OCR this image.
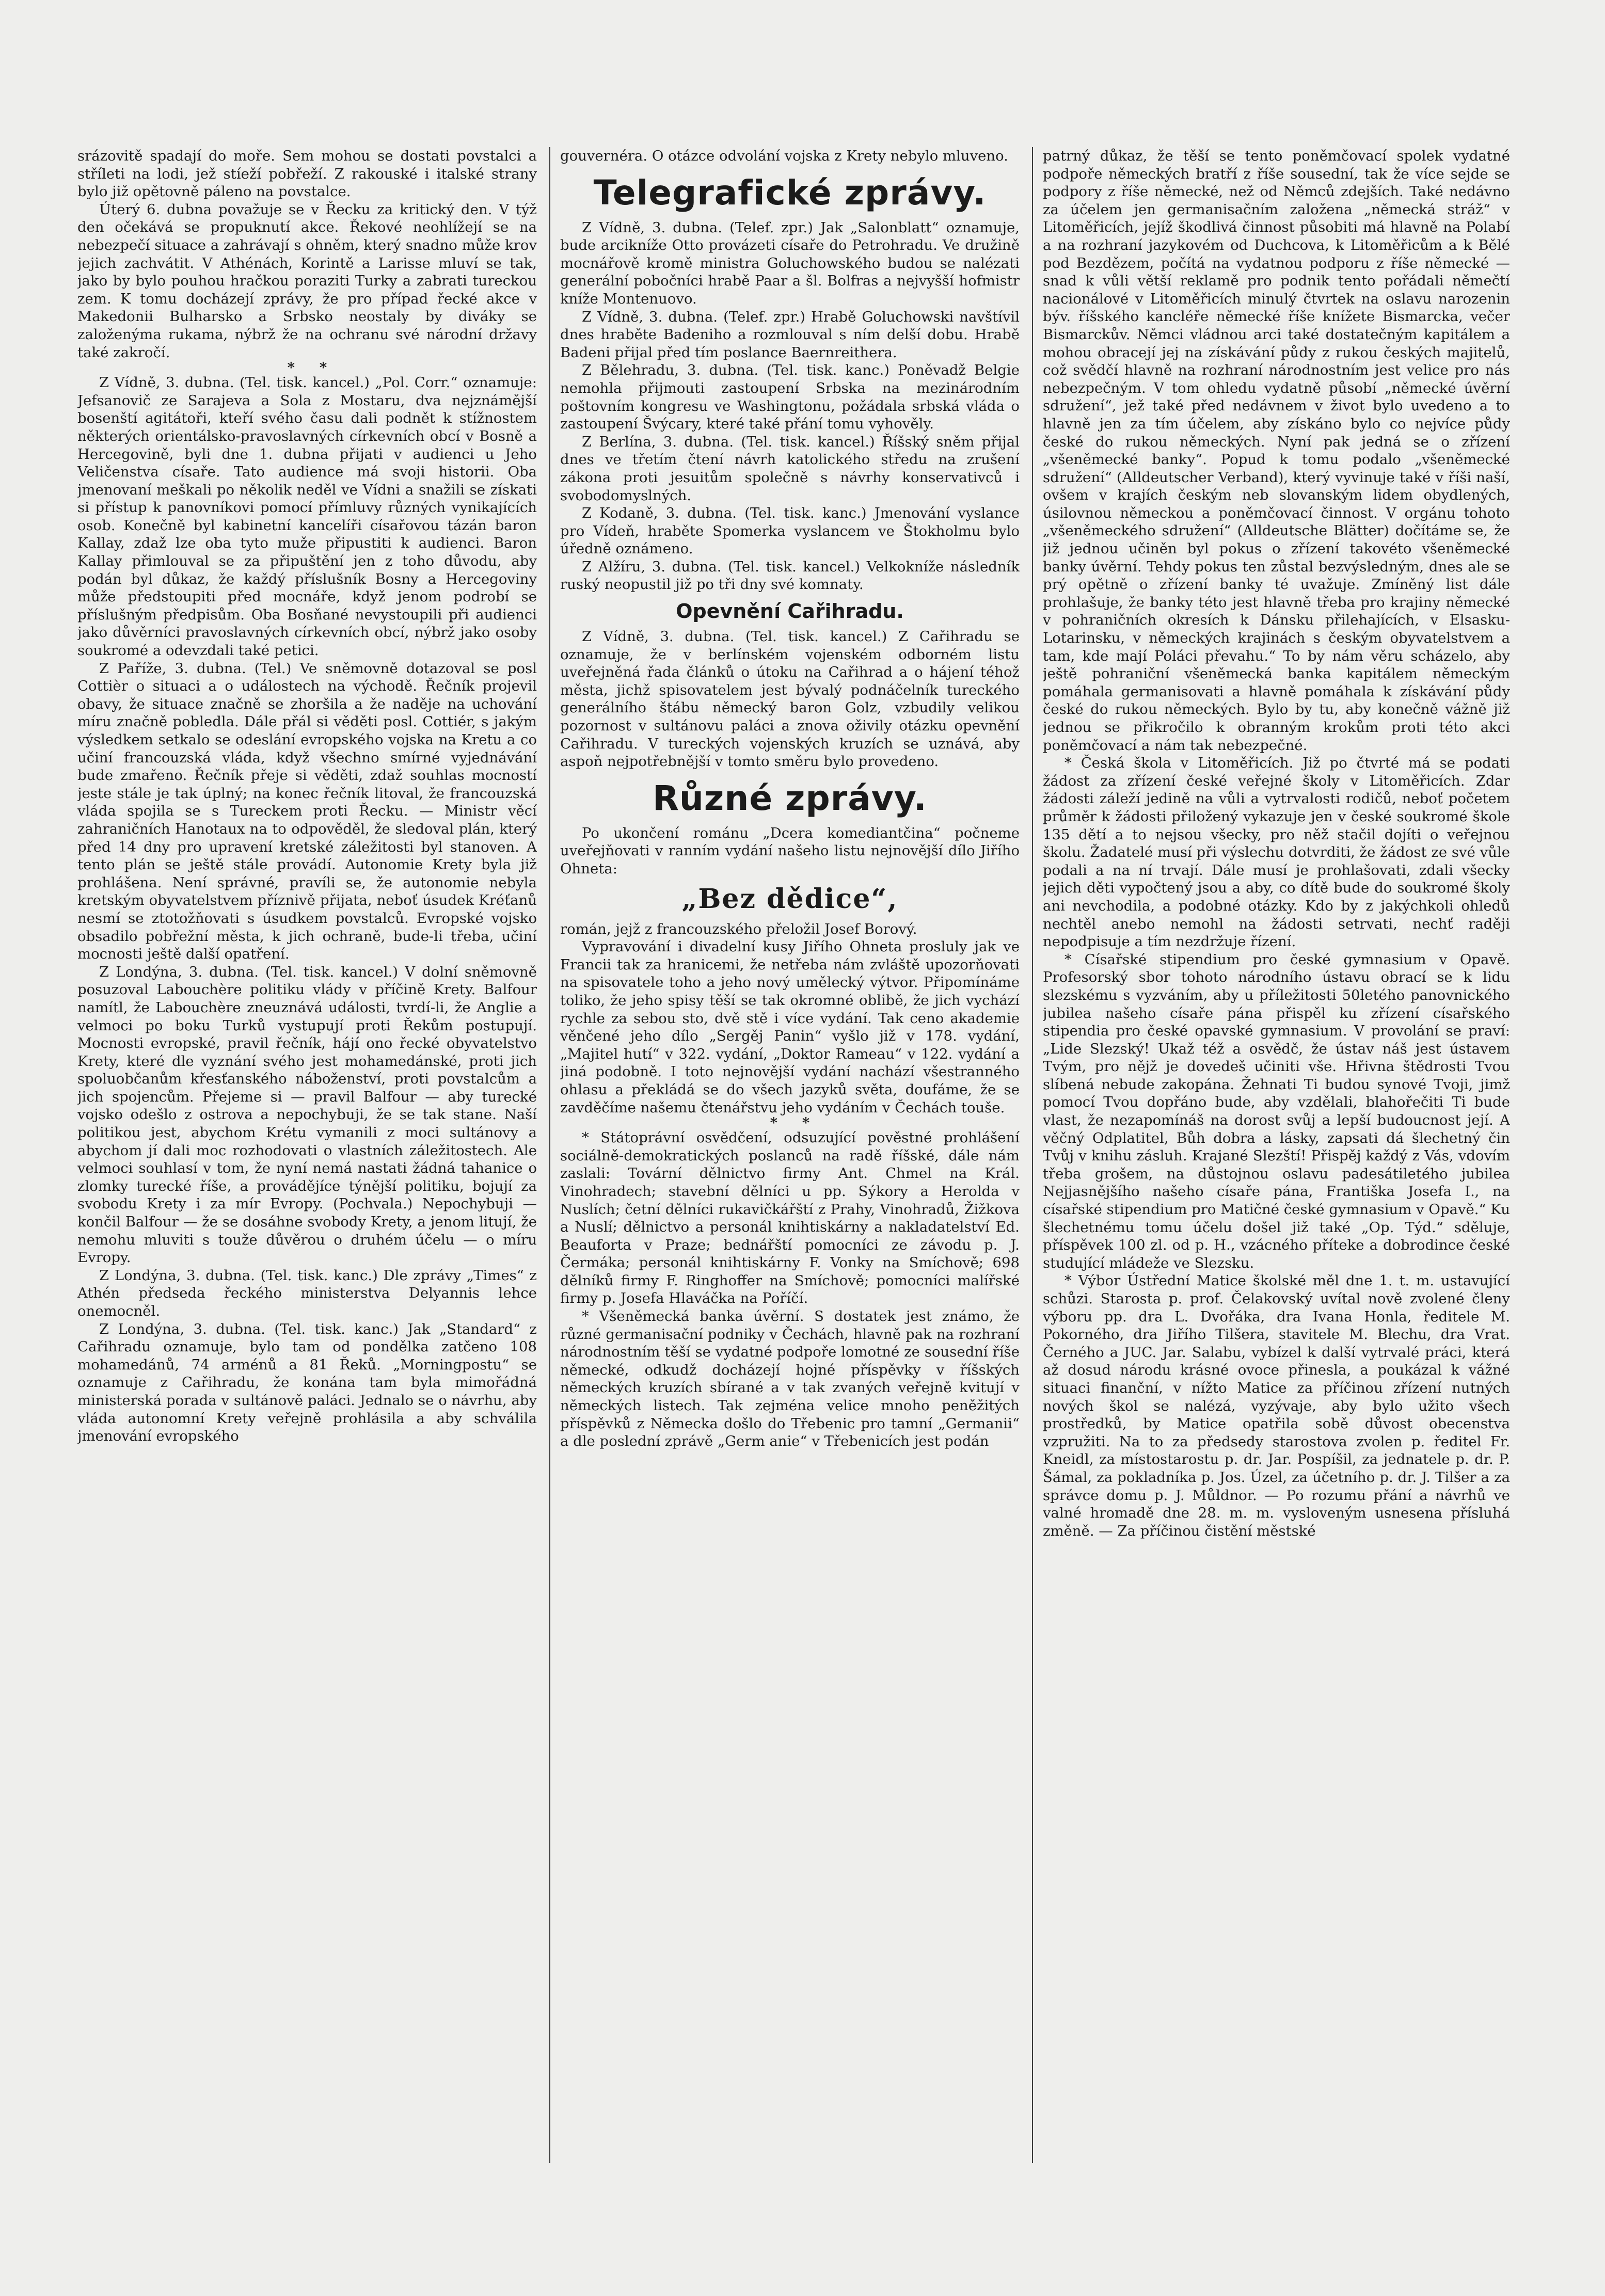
srázovitě spadají do moře. Sem mohou se dostati povstalci a stříleti na lodi, jež stíeží pobřeží. Z rakouské i italské strany bylo již opětovně páleno na povstalce.

Úterý 6. dubna považuje se v Řecku za kritický den. V týž den očekává se propuknutí akce. Řekové neohlížejí se na nebezpečí situace a zahrávají s ohněm, který snadno může krov jejich zachvátit. V Athénách, Korintě a Larisse mluví se tak, jako by bylo pouhou hračkou poraziti Turky a zabrati tureckou zem. K tomu docházejí zprávy, že pro případ řecké akce v Makedonii Bulharsko a Srbsko neostaly by diváky se založenýma rukama, nýbrž že na ochranu své národní državy také zakročí.

*     *

Z Vídně, 3. dubna. (Tel. tisk. kancel.) „Pol. Corr.“ oznamuje: Jefsanovič ze Sarajeva a Sola z Mostaru, dva nejznámější bosenští agitátoři, kteří svého času dali podnět k stížnostem některých orientálsko-pravoslavných církevních obcí v Bosně a Hercegovině, byli dne 1. dubna přijati v audienci u Jeho Veličenstva císaře. Tato audience má svoji historii. Oba jmenovaní meškali po několik neděl ve Vídni a snažili se získati si přístup k panovníkovi pomocí přímluvy různých vynikajících osob. Konečně byl kabinetní kancelíři císařovou tázán baron Kallay, zdaž lze oba tyto muže připustiti k audienci. Baron Kallay přimlouval se za připuštění jen z toho důvodu, aby podán byl důkaz, že každý příslušník Bosny a Hercegoviny může předstoupiti před mocnáře, když jenom podrobí se příslušným předpisům. Oba Bosňané nevystoupili při audienci jako důvěrníci pravoslavných církevních obcí, nýbrž jako osoby soukromé a odevzdali také petici.

Z Paříže, 3. dubna. (Tel.) Ve sněmovně dotazoval se posl Cottièr o situaci a o událostech na východě. Řečník projevil obavy, že situace značně se zhoršila a že naděje na uchování míru značně pobledla. Dále přál si věděti posl. Cottiér, s jakým výsledkem setkalo se odeslání evropského vojska na Kretu a co učiní francouzská vláda, když všechno smírné vyjednávání bude zmařeno. Řečník přeje si věděti, zdaž souhlas mocností jeste stále je tak úplný; na konec řečník litoval, že francouzská vláda spojila se s Tureckem proti Řecku. — Ministr věcí zahraničních Hanotaux na to odpověděl, že sledoval plán, který před 14 dny pro upravení kretské záležitosti byl stanoven. A tento plán se ještě stále provádí. Autonomie Krety byla již prohlášena. Není správné, pravíli se, že autonomie nebyla kretským obyvatelstvem příznivě přijata, neboť úsudek Kréťanů nesmí se ztotožňovati s úsudkem povstalců. Evropské vojsko obsadilo pobřežní města, k jich ochraně, bude-li třeba, učiní mocnosti ještě další opatření.

Z Londýna, 3. dubna. (Tel. tisk. kancel.) V dolní sněmovně posuzoval Labouchère politiku vlády v příčině Krety. Balfour namítl, že Labouchère zneuznává události, tvrdí-li, že Anglie a velmoci po boku Turků vystupují proti Řekům postupují. Mocnosti evropské, pravil řečník, hájí ono řecké obyvatelstvo Krety, které dle vyznání svého jest mohamedánské, proti jich spoluobčanům křesťanského náboženství, proti povstalcům a jich spojencům. Přejeme si — pravil Balfour — aby turecké vojsko odešlo z ostrova a nepochybuji, že se tak stane. Naší politikou jest, abychom Krétu vymanili z moci sultánovy a abychom jí dali moc rozhodovati o vlastních záležitostech. Ale velmoci souhlasí v tom, že nyní nemá nastati žádná tahanice o zlomky turecké říše, a provádějíce týnější politiku, bojují za svobodu Krety i za mír Evropy. (Pochvala.) Nepochybuji — končil Balfour — že se dosáhne svobody Krety, a jenom litují, že nemohu mluviti s touže důvěrou o druhém účelu — o míru Evropy.

Z Londýna, 3. dubna. (Tel. tisk. kanc.) Dle zprávy „Times“ z Athén předseda řeckého ministerstva Delyannis lehce onemocněl.

Z Londýna, 3. dubna. (Tel. tisk. kanc.) Jak „Standard“ z Cařihradu oznamuje, bylo tam od pondělka zatčeno 108 mohamedánů, 74 arménů a 81 Řeků. „Morningpostu“ se oznamuje z Cařihradu, že konána tam byla mimořádná ministerská porada v sultánově paláci. Jednalo se o návrhu, aby vláda autonomní Krety veřejně prohlásila a aby schválila jmenování evropského

gouvernéra. O otázce odvolání vojska z Krety nebylo mluveno.

Telegrafické zprávy.

Z Vídně, 3. dubna. (Telef. zpr.) Jak „Salonblatt“ oznamuje, bude arcikníže Otto provázeti císaře do Petrohradu. Ve družině mocnářově kromě ministra Goluchowského budou se nalézati generální pobočníci hrabě Paar a šl. Bolfras a nejvyšší hofmistr kníže Montenuovo.

Z Vídně, 3. dubna. (Telef. zpr.) Hrabě Goluchowski navštívil dnes hraběte Badeniho a rozmlouval s ním delší dobu. Hrabě Badeni přijal před tím poslance Baernreithera.

Z Bělehradu, 3. dubna. (Tel. tisk. kanc.) Poněvadž Belgie nemohla přijmouti zastoupení Srbska na mezinárodním poštovním kongresu ve Washingtonu, požádala srbská vláda o zastoupení Švýcary, které také přání tomu vyhověly.

Z Berlína, 3. dubna. (Tel. tisk. kancel.) Říšský sněm přijal dnes ve třetím čtení návrh katolického středu na zrušení zákona proti jesuitům společně s návrhy konservativců i svobodomyslných.

Z Kodaně, 3. dubna. (Tel. tisk. kanc.) Jmenování vyslance pro Vídeň, hraběte Spomerka vyslancem ve Štokholmu bylo úředně oznámeno.

Z Alžíru, 3. dubna. (Tel. tisk. kancel.) Velkokníže následník ruský neopustil již po tři dny své komnaty.

Opevnění Cařihradu.

Z Vídně, 3. dubna. (Tel. tisk. kancel.) Z Cařihradu se oznamuje, že v berlínském vojenském odborném listu uveřejněná řada článků o útoku na Cařihrad a o hájení téhož města, jichž spisovatelem jest bývalý podnáčelník tureckého generálního štábu německý baron Golz, vzbudily velikou pozornost v sultánovu paláci a znova oživily otázku opevnění Cařihradu. V tureckých vojenských kruzích se uznává, aby aspoň nejpotřebnější v tomto směru bylo provedeno.

Různé zprávy.

Po ukončení románu „Dcera komediantčina“ počneme uveřejňovati v ranním vydání našeho listu nejnovější dílo Jiřího Ohneta:

„Bez dědice“,

román, jejž z francouzského přeložil Josef Borový.

Vypravování i divadelní kusy Jiřího Ohneta prosluly jak ve Francii tak za hranicemi, že netřeba nám zvláště upozorňovati na spisovatele toho a jeho nový umělecký výtvor. Připomínáme toliko, že jeho spisy těší se tak okromné oblibě, že jich vychází rychle za sebou sto, dvě stě i více vydání. Tak ceno akademie věnčené jeho dílo „Sergěj Panin“ vyšlo již v 178. vydání, „Majitel hutí“ v 322. vydání, „Doktor Rameau“ v 122. vydání a jiná podobně. I toto nejnovější vydání nachází všestranného ohlasu a překládá se do všech jazyků světa, doufáme, že se zavděčíme našemu čtenářstvu jeho vydáním v Čechách touše.

*     *

* Státoprávní osvědčení, odsuzující pověstné prohlášení sociálně-demokratických poslanců na radě říšské, dále nám zaslali: Tovární dělnictvo firmy Ant. Chmel na Král. Vinohradech; stavební dělníci u pp. Sýkory a Herolda v Nuslích; četní dělníci rukavičkářští z Prahy, Vinohradů, Žižkova a Nuslí; dělnictvo a personál knihtiskárny a nakladatelství Ed. Beauforta v Praze; bednářští pomocníci ze závodu p. J. Čermáka; personál knihtiskárny F. Vonky na Smíchově; 698 dělníků firmy F. Ringhoffer na Smíchově; pomocníci malířské firmy p. Josefa Hlaváčka na Poříčí.

* Všeněmecká banka úvěrní. S dostatek jest známo, že různé germanisační podniky v Čechách, hlavně pak na rozhraní národnostním těší se vydatné podpoře lomotné ze sousední říše německé, odkudž docházejí hojné příspěvky v říšských německých kruzích sbírané a v tak zvaných veřejně kvitují v německých listech. Tak zejména velice mnoho peněžitých příspěvků z Německa došlo do Třebenic pro tamní „Germanii“ a dle poslední zprávě „Germ anie“ v Třebenicích jest podán

patrný důkaz, že těší se tento poněmčovací spolek vydatné podpoře německých bratří z říše sousední, tak že více sejde se podpory z říše německé, než od Němců zdejších. Také nedávno za účelem jen germanisačním založena „německá stráž“ v Litoměřicích, jejíž škodlivá činnost působiti má hlavně na Polabí a na rozhraní jazykovém od Duchcova, k Litoměřicům a k Bělé pod Bezdězem, počítá na vydatnou podporu z říše německé — snad k vůli větší reklamě pro podnik tento pořádali němečtí nacionálové v Litoměřicích minulý čtvrtek na oslavu narozenin býv. říšského kancléře německé říše knížete Bismarcka, večer Bismarckův. Němci vládnou arci také dostatečným kapitálem a mohou obracejí jej na získávání půdy z rukou českých majitelů, což svědčí hlavně na rozhraní národnostním jest velice pro nás nebezpečným. V tom ohledu vydatně působí „německé úvěrní sdružení“, jež také před nedávnem v život bylo uvedeno a to hlavně jen za tím účelem, aby získáno bylo co nejvíce půdy české do rukou německých. Nyní pak jedná se o zřízení „všeněmecké banky“. Popud k tomu podalo „všeněmecké sdružení“ (Alldeutscher Verband), který vyvinuje také v říši naší, ovšem v krajích českým neb slovanským lidem obydlených, úsilovnou německou a poněmčovací činnost. V orgánu tohoto „všeněmeckého sdružení“ (Alldeutsche Blätter) dočítáme se, že již jednou učiněn byl pokus o zřízení takovéto všeněmecké banky úvěrní. Tehdy pokus ten zůstal bezvýsledným, dnes ale se prý opětně o zřízení banky té uvažuje. Zmíněný list dále prohlašuje, že banky této jest hlavně třeba pro krajiny německé v pohraničních okresích k Dánsku přilehajících, v Elsasku-Lotarinsku, v německých krajinách s českým obyvatelstvem a tam, kde mají Poláci převahu.“ To by nám věru scházelo, aby ještě pohraniční všeněmecká banka kapitálem německým pomáhala germanisovati a hlavně pomáhala k získávání půdy české do rukou německých. Bylo by tu, aby konečně vážně již jednou se přikročilo k obranným krokům proti této akci poněmčovací a nám tak nebezpečné.

* Česká škola v Litoměřicích. Již po čtvrté má se podati žádost za zřízení české veřejné školy v Litoměřicích. Zdar žádosti záleží jedině na vůli a vytrvalosti rodičů, neboť početem průměr k žádosti přiložený vykazuje jen v české soukromé škole 135 dětí a to nejsou všecky, pro něž stačil dojíti o veřejnou školu. Žadatelé musí při výslechu dotvrditi, že žádost ze své vůle podali a na ní trvají. Dále musí je prohlašovati, zdali všecky jejich děti vypočtený jsou a aby, co dítě bude do soukromé školy ani nevchodila, a podobné otázky. Kdo by z jakýchkoli ohledů nechtěl anebo nemohl na žádosti setrvati, nechť raději nepodpisuje a tím nezdržuje řízení.

* Císařské stipendium pro české gymnasium v Opavě. Profesorský sbor tohoto národního ústavu obrací se k lidu slezskému s vyzváním, aby u příležitosti 50letého panovnického jubilea našeho císaře pána přispěl ku zřízení císařského stipendia pro české opavské gymnasium. V provolání se praví: „Lide Slezský! Ukaž též a osvědč, že ústav náš jest ústavem Tvým, pro nějž je dovedeš učiniti vše. Hřivna štědrosti Tvou slíbená nebude zakopána. Žehnati Ti budou synové Tvoji, jimž pomocí Tvou dopřáno bude, aby vzdělali, blahořečiti Ti bude vlast, že nezapomínáš na dorost svůj a lepší budoucnost její. A věčný Odplatitel, Bůh dobra a lásky, zapsati dá šlechetný čin Tvůj v knihu zásluh. Krajané Slezští! Přispěj každý z Vás, vdovím třeba grošem, na důstojnou oslavu padesátiletého jubilea Nejjasnějšího našeho císaře pána, Františka Josefa I., na císařské stipendium pro Matičné české gymnasium v Opavě.“ Ku šlechetnému tomu účelu došel již také „Op. Týd.“ sděluje, příspěvek 100 zl. od p. H., vzácného příteke a dobrodince české studující mládeže ve Slezsku.

* Výbor Ústřední Matice školské měl dne 1. t. m. ustavující schůzi. Starosta p. prof. Čelakovský uvítal nově zvolené členy výboru pp. dra L. Dvořáka, dra Ivana Honla, ředitele M. Pokorného, dra Jiřího Tilšera, stavitele M. Blechu, dra Vrat. Černého a JUC. Jar. Salabu, vybízel k další vytrvalé práci, která až dosud národu krásné ovoce přinesla, a poukázal k vážné situaci finanční, v nížto Matice za příčinou zřízení nutných nových škol se nalézá, vyzývaje, aby bylo užito všech prostředků, by Matice opatřila sobě důvost obecenstva vzpružiti. Na to za předsedy starostova zvolen p. ředitel Fr. Kneidl, za místostarostu p. dr. Jar. Pospíšil, za jednatele p. dr. P. Šámal, za pokladníka p. Jos. Úzel, za účetního p. dr. J. Tilšer a za správce domu p. J. Můldnor. — Po rozumu přání a návrhů ve valné hromadě dne 28. m. m. vysloveným usnesena přísluhá změně. — Za příčinou čistění městské
